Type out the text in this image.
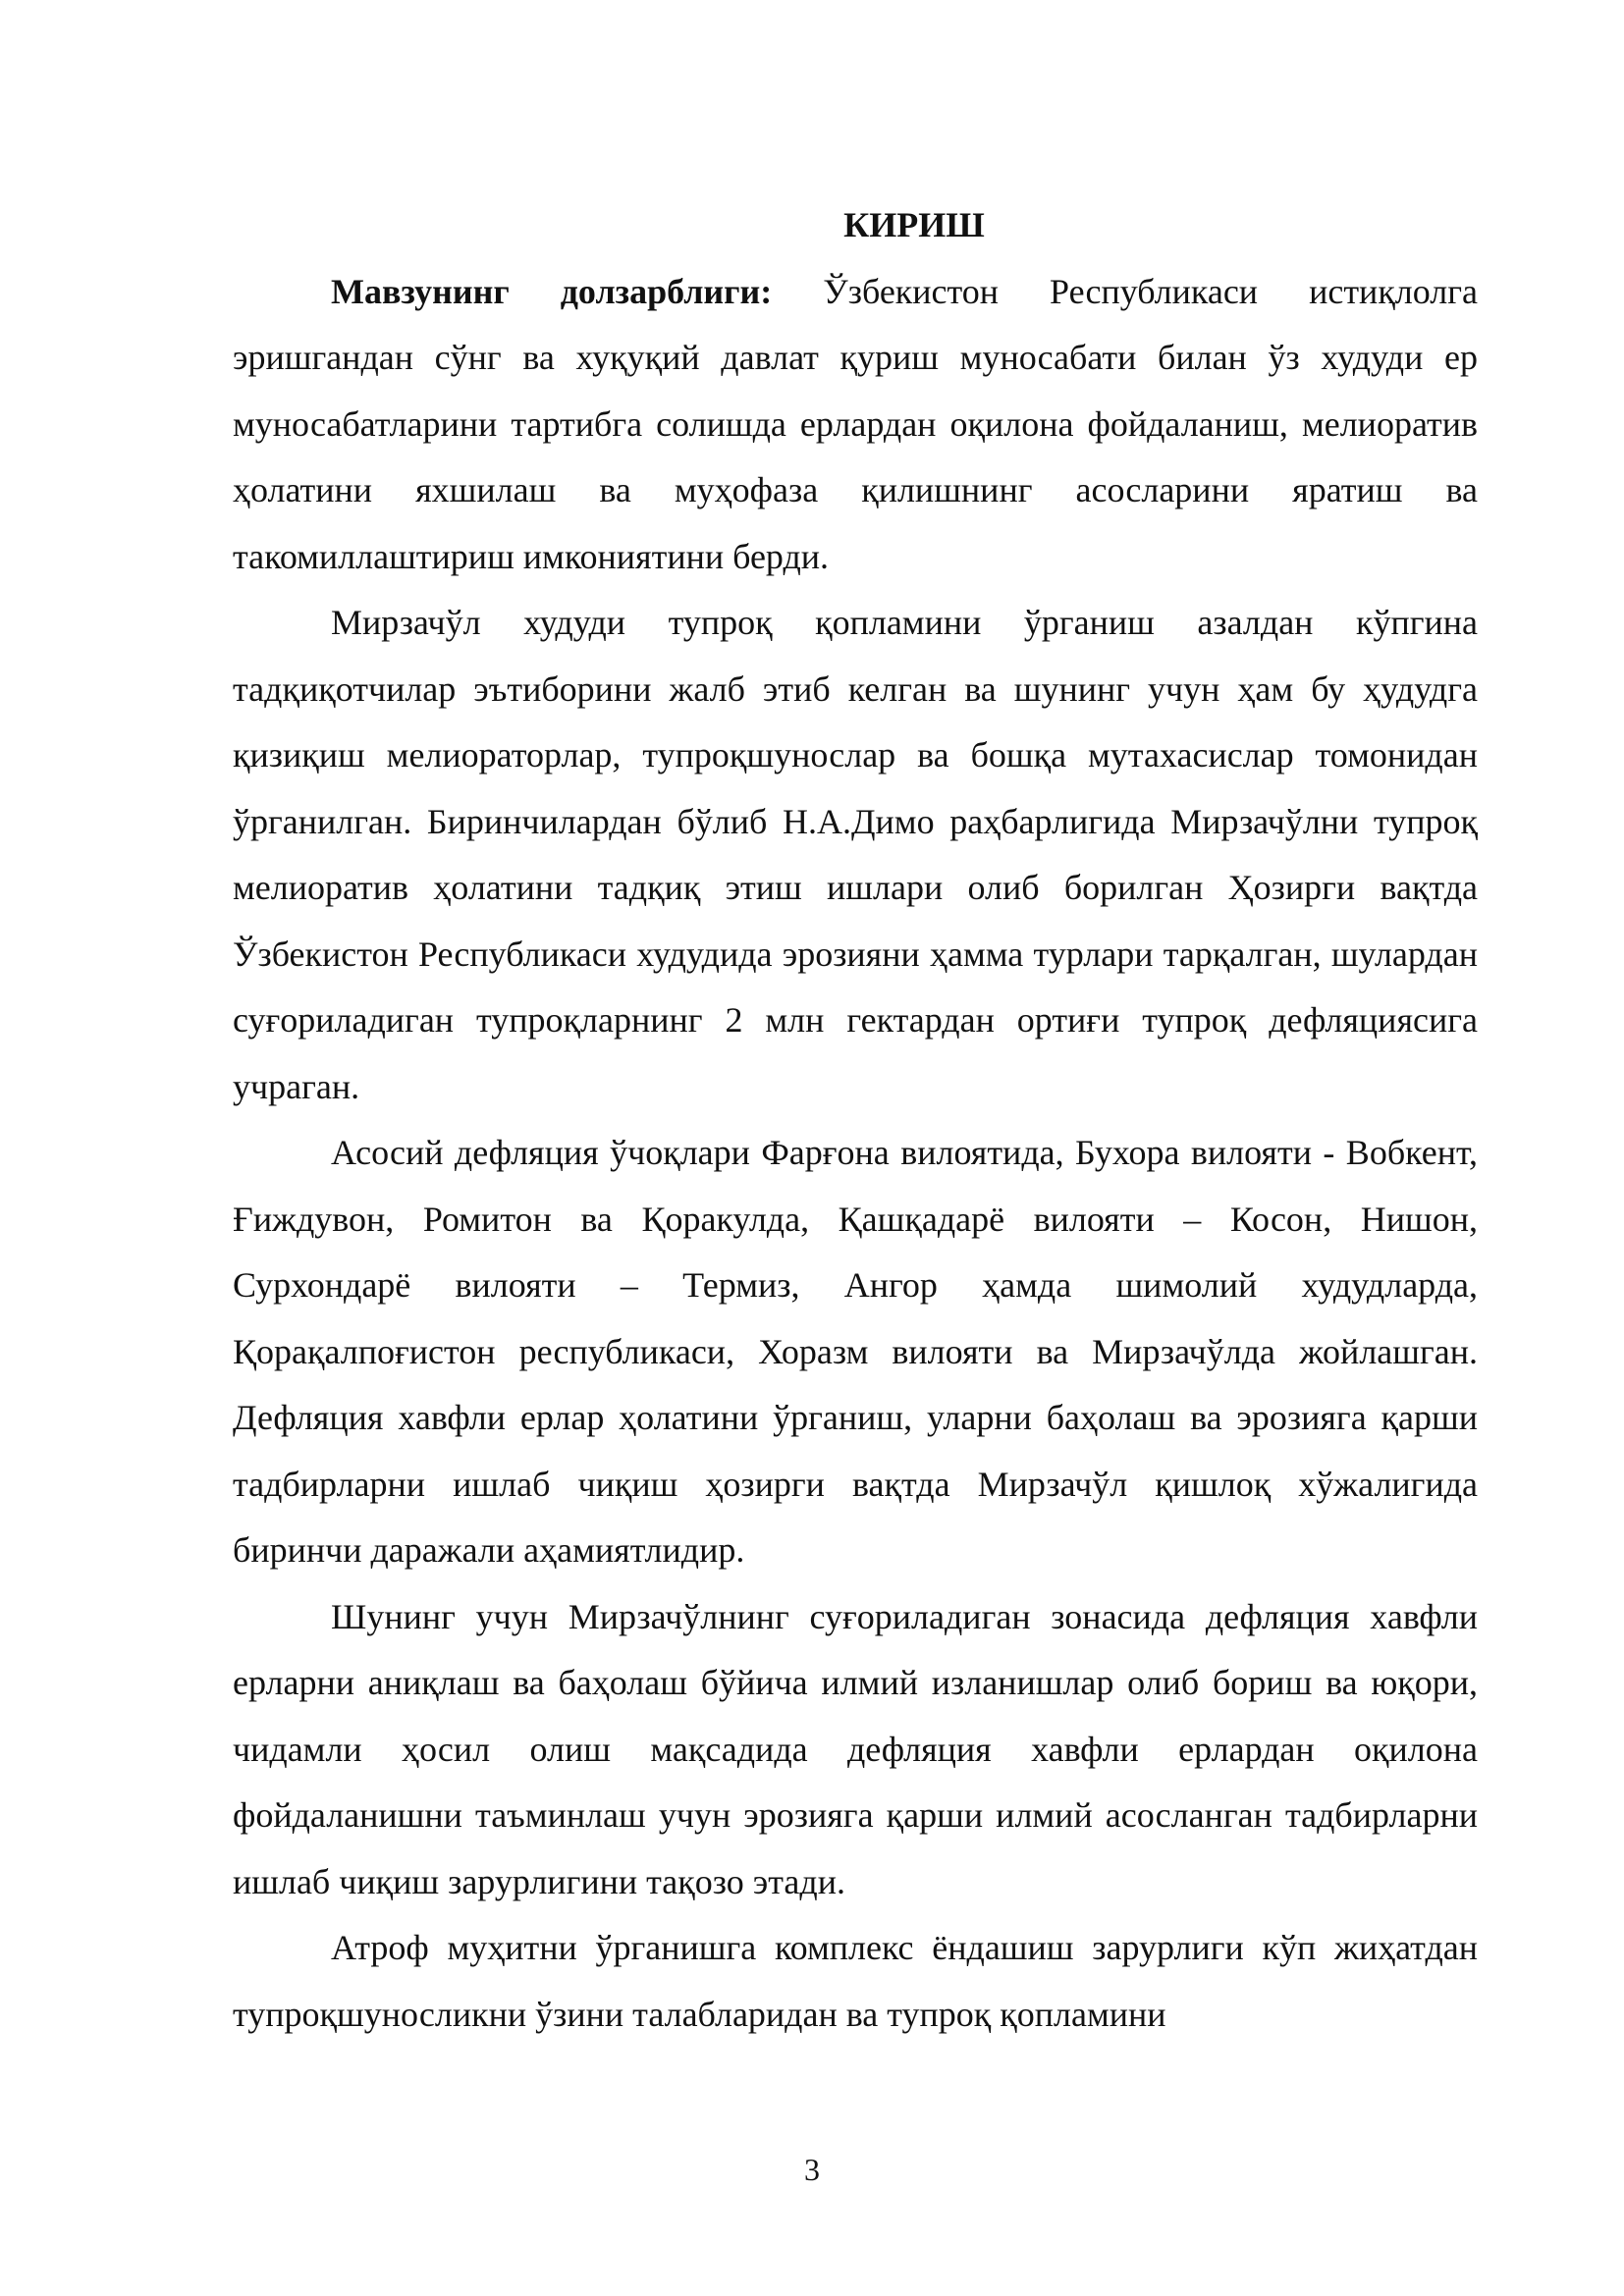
КИРИШ

Мавзунинг долзарблиги: Ўзбекистон Республикаси истиқлолга эришгандан сўнг ва хуқуқий давлат қуриш муносабати билан ўз худуди ер муносабатларини тартибга солишда ерлардан оқилона фойдаланиш, мелиоратив ҳолатини яхшилаш ва муҳофаза қилишнинг асосларини яратиш ва такомиллаштириш имкониятини берди.

Мирзачўл худуди тупроқ қопламини ўрганиш азалдан кўпгина тадқиқотчилар эътиборини жалб этиб келган ва шунинг учун ҳам бу ҳудудга қизиқиш мелиораторлар, тупроқшунослар ва бошқа мутахасислар томонидан ўрганилган. Биринчилардан бўлиб Н.А.Димо раҳбарлигида Мирзачўлни тупроқ мелиоратив ҳолатини тадқиқ этиш ишлари олиб борилган Ҳозирги вақтда Ўзбекистон Республикаси худудида эрозияни ҳамма турлари тарқалган, шулардан суғориладиган тупроқларнинг 2 млн гектардан ортиғи тупроқ дефляциясига учраган.

Асосий дефляция ўчоқлари Фарғона вилоятида, Бухора вилояти - Вобкент, Ғиждувон, Ромитон ва Қоракулда, Қашқадарё вилояти – Косон, Нишон, Сурхондарё вилояти – Термиз, Ангор ҳамда шимолий худудларда, Қорақалпоғистон республикаси, Хоразм вилояти ва Мирзачўлда жойлашган. Дефляция хавфли ерлар ҳолатини ўрганиш, уларни баҳолаш ва эрозияга қарши тадбирларни ишлаб чиқиш ҳозирги вақтда Мирзачўл қишлоқ хўжалигида биринчи даражали аҳамиятлидир.

Шунинг учун Мирзачўлнинг суғориладиган зонасида дефляция хавфли ерларни аниқлаш ва баҳолаш бўйича илмий изланишлар олиб бориш ва юқори, чидамли ҳосил олиш мақсадида дефляция хавфли ерлардан оқилона фойдаланишни таъминлаш учун эрозияга қарши илмий асосланган тадбирларни ишлаб чиқиш зарурлигини тақозо этади.

Атроф муҳитни ўрганишга комплекс ёндашиш зарурлиги кўп жиҳатдан тупроқшуносликни ўзини талабларидан ва тупроқ қопламини

3
